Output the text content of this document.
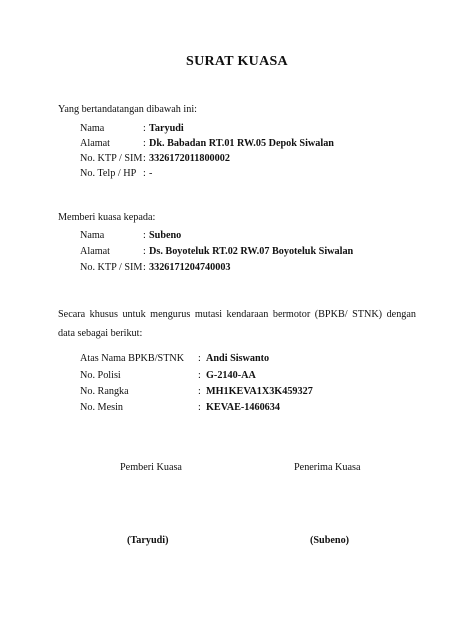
SURAT KUASA
Yang bertandatangan dibawah ini:
Nama	: Taryudi
Alamat	: Dk. Babadan RT.01 RW.05 Depok Siwalan
No. KTP / SIM : 3326172011800002
No. Telp / HP : -
Memberi kuasa kepada:
Nama	: Subeno
Alamat	: Ds. Boyoteluk RT.02 RW.07 Boyoteluk Siwalan
No. KTP / SIM : 3326171204740003
Secara khusus untuk mengurus mutasi kendaraan bermotor (BPKB/ STNK) dengan data sebagai berikut:
Atas Nama BPKB/STNK : Andi Siswanto
No. Polisi	: G-2140-AA
No. Rangka	: MH1KEVA1X3K459327
No. Mesin	: KEVAE-1460634
Pemberi Kuasa	Penerima Kuasa
(Taryudi)	(Subeno)
